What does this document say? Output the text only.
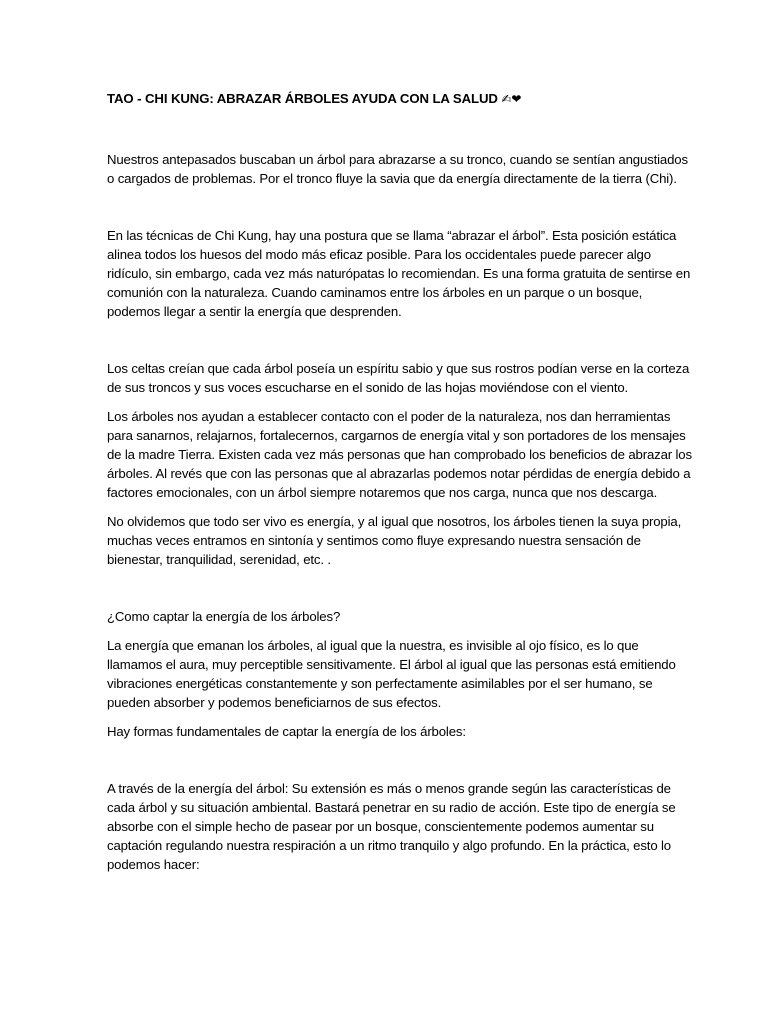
TAO - CHI KUNG: ABRAZAR ÁRBOLES AYUDA CON LA SALUD ✍❤

Nuestros antepasados buscaban un árbol para abrazarse a su tronco, cuando se sentían angustiados o cargados de problemas. Por el tronco fluye la savia que da energía directamente de la tierra (Chi).

En las técnicas de Chi Kung, hay una postura que se llama “abrazar el árbol”. Esta posición estática alinea todos los huesos del modo más eficaz posible. Para los occidentales puede parecer algo ridículo, sin embargo, cada vez más naturópatas lo recomiendan. Es una forma gratuita de sentirse en comunión con la naturaleza. Cuando caminamos entre los árboles en un parque o un bosque, podemos llegar a sentir la energía que desprenden.

Los celtas creían que cada árbol poseía un espíritu sabio y que sus rostros podían verse en la corteza de sus troncos y sus voces escucharse en el sonido de las hojas moviéndose con el viento.

Los árboles nos ayudan a establecer contacto con el poder de la naturaleza, nos dan herramientas para sanarnos, relajarnos, fortalecernos, cargarnos de energía vital y son portadores de los mensajes de la madre Tierra. Existen cada vez más personas que han comprobado los beneficios de abrazar los árboles. Al revés que con las personas que al abrazarlas podemos notar pérdidas de energía debido a factores emocionales, con un árbol siempre notaremos que nos carga, nunca que nos descarga.

No olvidemos que todo ser vivo es energía, y al igual que nosotros, los árboles tienen la suya propia, muchas veces entramos en sintonía y sentimos como fluye expresando nuestra sensación de bienestar, tranquilidad, serenidad, etc. .

¿Como captar la energía de los árboles?

La energía que emanan los árboles, al igual que la nuestra, es invisible al ojo físico, es lo que llamamos el aura, muy perceptible sensitivamente. El árbol al igual que las personas está emitiendo vibraciones energéticas constantemente y son perfectamente asimilables por el ser humano, se pueden absorber y podemos beneficiarnos de sus efectos.

Hay formas fundamentales de captar la energía de los árboles:

A través de la energía del árbol: Su extensión es más o menos grande según las características de cada árbol y su situación ambiental. Bastará penetrar en su radio de acción. Este tipo de energía se absorbe con el simple hecho de pasear por un bosque, conscientemente podemos aumentar su captación regulando nuestra respiración a un ritmo tranquilo y algo profundo. En la práctica, esto lo podemos hacer:
